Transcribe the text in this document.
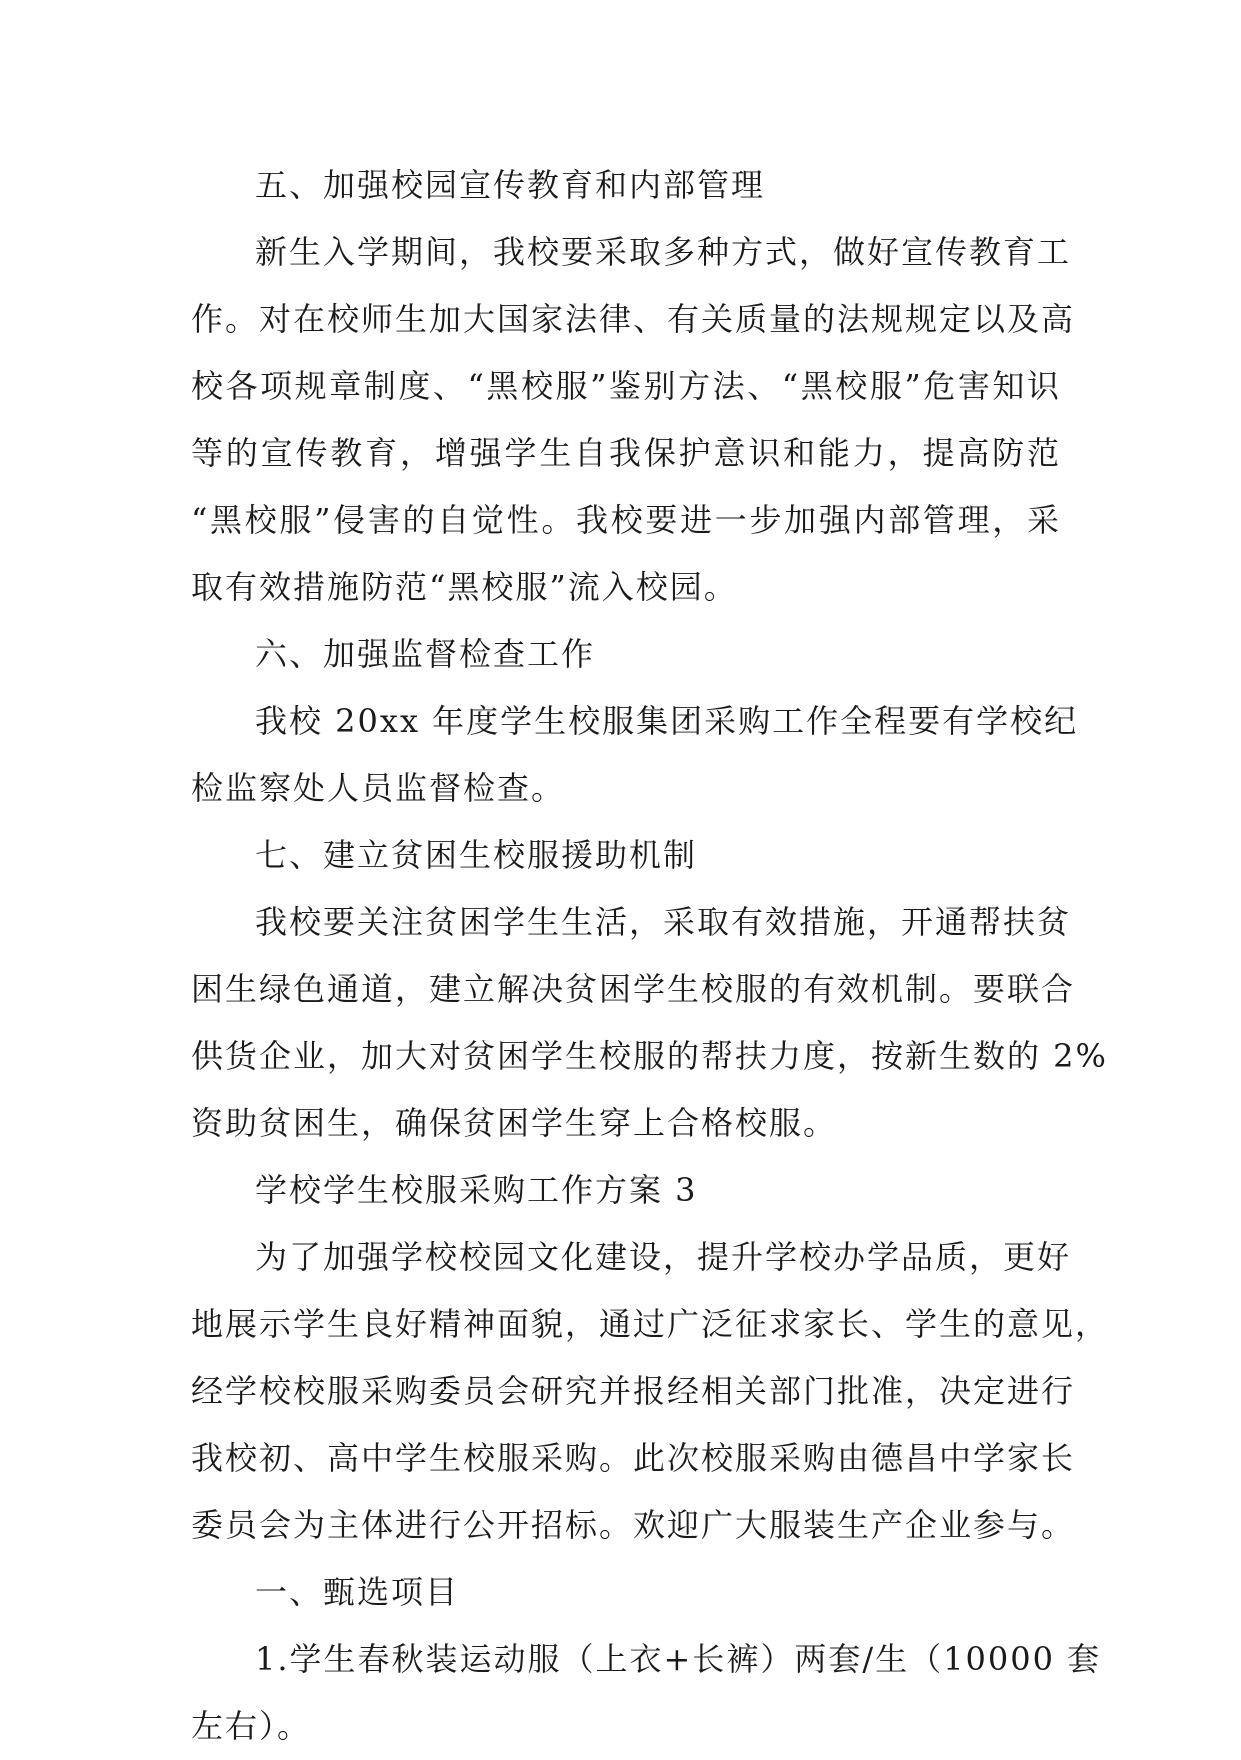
五、加强校园宣传教育和内部管理
新生入学期间，我校要采取多种方式，做好宣传教育工
作。对在校师生加大国家法律、有关质量的法规规定以及高
校各项规章制度、“黑校服”鉴别方法、“黑校服”危害知识
等的宣传教育，增强学生自我保护意识和能力，提高防范
“黑校服”侵害的自觉性。我校要进一步加强内部管理，采
取有效措施防范“黑校服”流入校园。
六、加强监督检查工作
我校 20xx 年度学生校服集团采购工作全程要有学校纪
检监察处人员监督检查。
七、建立贫困生校服援助机制
我校要关注贫困学生生活，采取有效措施，开通帮扶贫
困生绿色通道，建立解决贫困学生校服的有效机制。要联合
供货企业，加大对贫困学生校服的帮扶力度，按新生数的 2%
资助贫困生，确保贫困学生穿上合格校服。
学校学生校服采购工作方案 3
为了加强学校校园文化建设，提升学校办学品质，更好
地展示学生良好精神面貌，通过广泛征求家长、学生的意见，
经学校校服采购委员会研究并报经相关部门批准，决定进行
我校初、高中学生校服采购。此次校服采购由德昌中学家长
委员会为主体进行公开招标。欢迎广大服装生产企业参与。
一、甄选项目
1.学生春秋装运动服（上衣+长裤）两套/生（10000 套
左右）。
